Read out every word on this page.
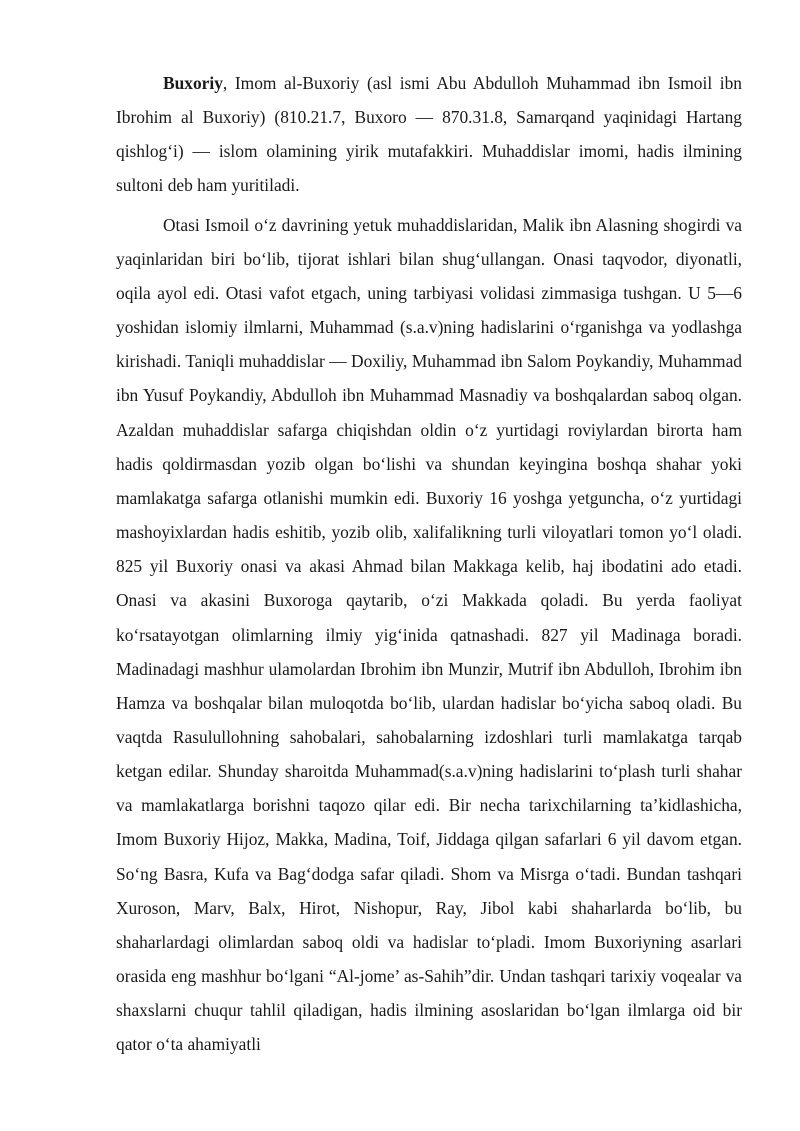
Buxoriy, Imom al-Buxoriy (asl ismi Abu Abdulloh Muhammad ibn Ismoil ibn Ibrohim al Buxoriy) (810.21.7, Buxoro — 870.31.8, Samarqand yaqinidagi Hartang qishlog‘i) — islom olamining yirik mutafakkiri. Muhaddislar imomi, hadis ilmining sultoni deb ham yuritiladi.

Otasi Ismoil o‘z davrining yetuk muhaddislaridan, Malik ibn Alasning shogirdi va yaqinlaridan biri bo‘lib, tijorat ishlari bilan shug‘ullangan. Onasi taqvodor, diyonatli, oqila ayol edi. Otasi vafot etgach, uning tarbiyasi volidasi zimmasiga tushgan. U 5—6 yoshidan islomiy ilmlarni, Muhammad (s.a.v)ning hadislarini o‘rganishga va yodlashga kirishadi. Taniqli muhaddislar — Doxiliy, Muhammad ibn Salom Poykandiy, Muhammad ibn Yusuf Poykandiy, Abdulloh ibn Muhammad Masnadiy va boshqalardan saboq olgan. Azaldan muhaddislar safarga chiqishdan oldin o‘z yurtidagi roviylardan birorta ham hadis qoldirmasdan yozib olgan bo‘lishi va shundan keyingina boshqa shahar yoki mamlakatga safarga otlanishi mumkin edi. Buxoriy 16 yoshga yetguncha, o‘z yurtidagi mashoyixlardan hadis eshitib, yozib olib, xalifalikning turli viloyatlari tomon yo‘l oladi. 825 yil Buxoriy onasi va akasi Ahmad bilan Makkaga kelib, haj ibodatini ado etadi. Onasi va akasini Buxoroga qaytarib, o‘zi Makkada qoladi. Bu yerda faoliyat ko‘rsatayotgan olimlarning ilmiy yig‘inida qatnashadi. 827 yil Madinaga boradi. Madinadagi mashhur ulamolardan Ibrohim ibn Munzir, Mutrif ibn Abdulloh, Ibrohim ibn Hamza va boshqalar bilan muloqotda bo‘lib, ulardan hadislar bo‘yicha saboq oladi. Bu vaqtda Rasulullohning sahobalari, sahobalarning izdoshlari turli mamlakatga tarqab ketgan edilar. Shunday sharoitda Muhammad(s.a.v)ning hadislarini to‘plash turli shahar va mamlakatlarga borishni taqozo qilar edi. Bir necha tarixchilarning ta’kidlashicha, Imom Buxoriy Hijoz, Makka, Madina, Toif, Jiddaga qilgan safarlari 6 yil davom etgan. So‘ng Basra, Kufa va Bag‘dodga safar qiladi. Shom va Misrga o‘tadi. Bundan tashqari Xuroson, Marv, Balx, Hirot, Nishopur, Ray, Jibol kabi shaharlarda bo‘lib, bu shaharlardagi olimlardan saboq oldi va hadislar to‘pladi. Imom Buxoriyning asarlari orasida eng mashhur bo‘lgani “Al-jome’ as-Sahih”dir. Undan tashqari tarixiy voqealar va shaxslarni chuqur tahlil qiladigan, hadis ilmining asoslaridan bo‘lgan ilmlarga oid bir qator o‘ta ahamiyatli
